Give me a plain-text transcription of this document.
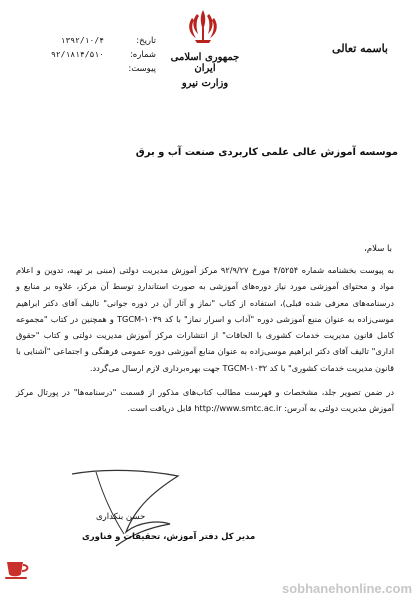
تاریخ:
۱۳۹۲/۱۰/۴
شماره:
۹۲/۱۸۱۴/۵۱۰
پیوست:
جمهوری اسلامی ایران
وزارت نیرو
باسمه تعالی
موسسه آموزش عالی علمی کاربردی صنعت آب و برق
با سلام،

به پیوست بخشنامه شماره ۴/۵۲۵۴ مورخ ۹۲/۹/۲۷ مرکز آموزش مدیریت دولتی (مبنی بر تهیه، تدوین و اعلام مواد و محتوای آموزشی مورد نیاز دوره‌های آموزشی به صورت استانداردِ توسط آن مرکز، علاوه بر منابع و درسنامه‌های معرفی شده قبلی)، استفاده از کتاب "نماز و آثار آن در دوره جوانی" تالیف آقای دکتر ابراهیم موسی‌زاده به عنوان منبع آموزشی دوره "آداب و اسرار نماز" با کد TGCM-۱۰۳۹ و همچنین در کتاب "مجموعه کامل قانون مدیریت خدمات کشوری با الحاقات" از انتشارات مرکز آموزش مدیریت دولتی و کتاب "حقوق اداری" تالیف آقای دکتر ابراهیم موسی‌زاده به عنوان منابع آموزشی دوره عمومی فرهنگی و اجتماعی "آشنایی با قانون مدیریت خدمات کشوری" با کد TGCM-۱۰۳۲ جهت بهره‌برداری لازم ارسال می‌گردد.

در ضمن تصویر جلد، مشخصات و فهرست مطالب کتاب‌های مذکور از قسمت "درسنامه‌ها" در پورتال مرکز آموزش مدیریت دولتی به آدرس: http://www.smtc.ac.ir قابل دریافت است.

حسن بنکداری
مدیر کل دفتر آموزش، تحقیقات و فناوری
sobhanehonline.com
